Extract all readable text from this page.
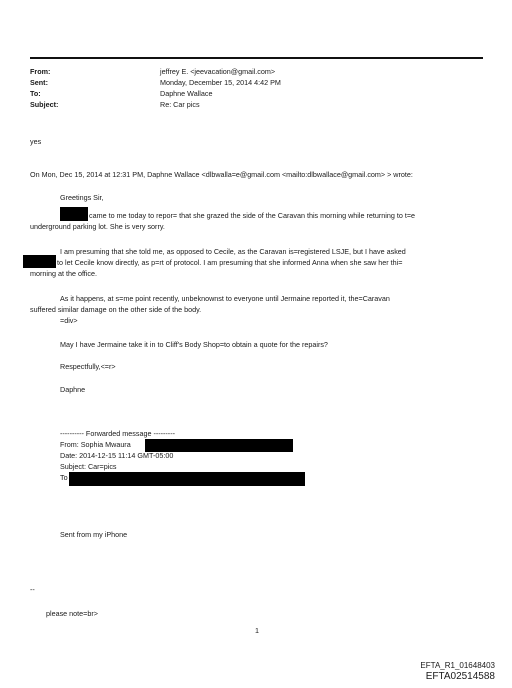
From:
Sent:
To:
Subject:
jeffrey E. <jeevacation@gmail.com>
Monday, December 15, 2014 4:42 PM
Daphne Wallace
Re: Car pics
yes
On Mon, Dec 15, 2014 at 12:31 PM, Daphne Wallace <dlbwalla=e@gmail.com <mailto:dlbwallace@gmail.com> > wrote:
Greetings Sir,
came to me today to repor= that she grazed the side of the Caravan this morning while returning to t=e
underground parking lot. She is very sorry.
I am presuming that she told me, as opposed to Cecile, as the Caravan is=registered LSJE, but I have asked
to let Cecile know directly, as p=rt of protocol. I am presuming that she informed Anna when she saw her thi=
morning at the office.
As it happens, at s=me point recently, unbeknownst to everyone until Jermaine reported it, the=Caravan
suffered similar damage on the other side of the body.
=div>
May I have Jermaine take it in to Cliff's Body Shop=to obtain a quote for the repairs?
Respectfully,<=r>
Daphne
---------- Forwarded message ---------
From: Sophia Mwaura
Date: 2014-12-15 11:14 GMT-05:00
Subject: Car=pics
To
Sent from my iPhone
--
please note=br>
1
EFTA_R1_01648403
EFTA02514588
